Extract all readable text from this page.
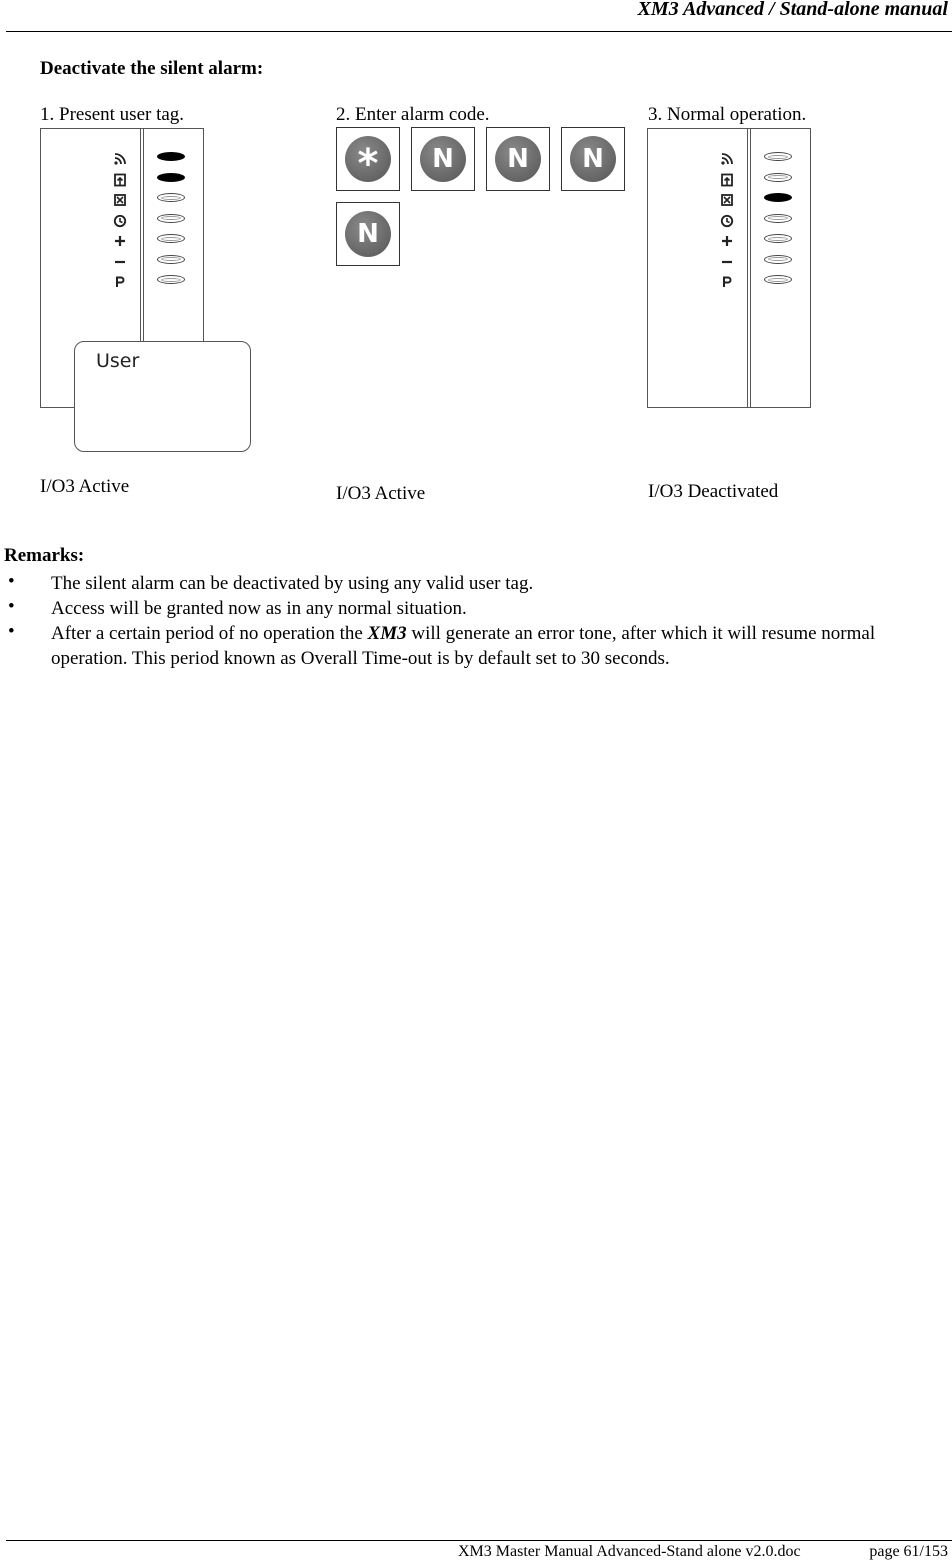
XM3 Advanced / Stand-alone manual
Deactivate the silent alarm:
1. Present user tag.	2. Enter alarm code.	3. Normal operation.
User
* N N N
N
I/O3 Active	I/O3 Active	I/O3 Deactivated
Remarks:
• The silent alarm can be deactivated by using any valid user tag.
• Access will be granted now as in any normal situation.
• After a certain period of no operation the XM3 will generate an error tone, after which it will resume normal operation. This period known as Overall Time-out is by default set to 30 seconds.
XM3 Master Manual Advanced-Stand alone v2.0.doc	page 61/153
